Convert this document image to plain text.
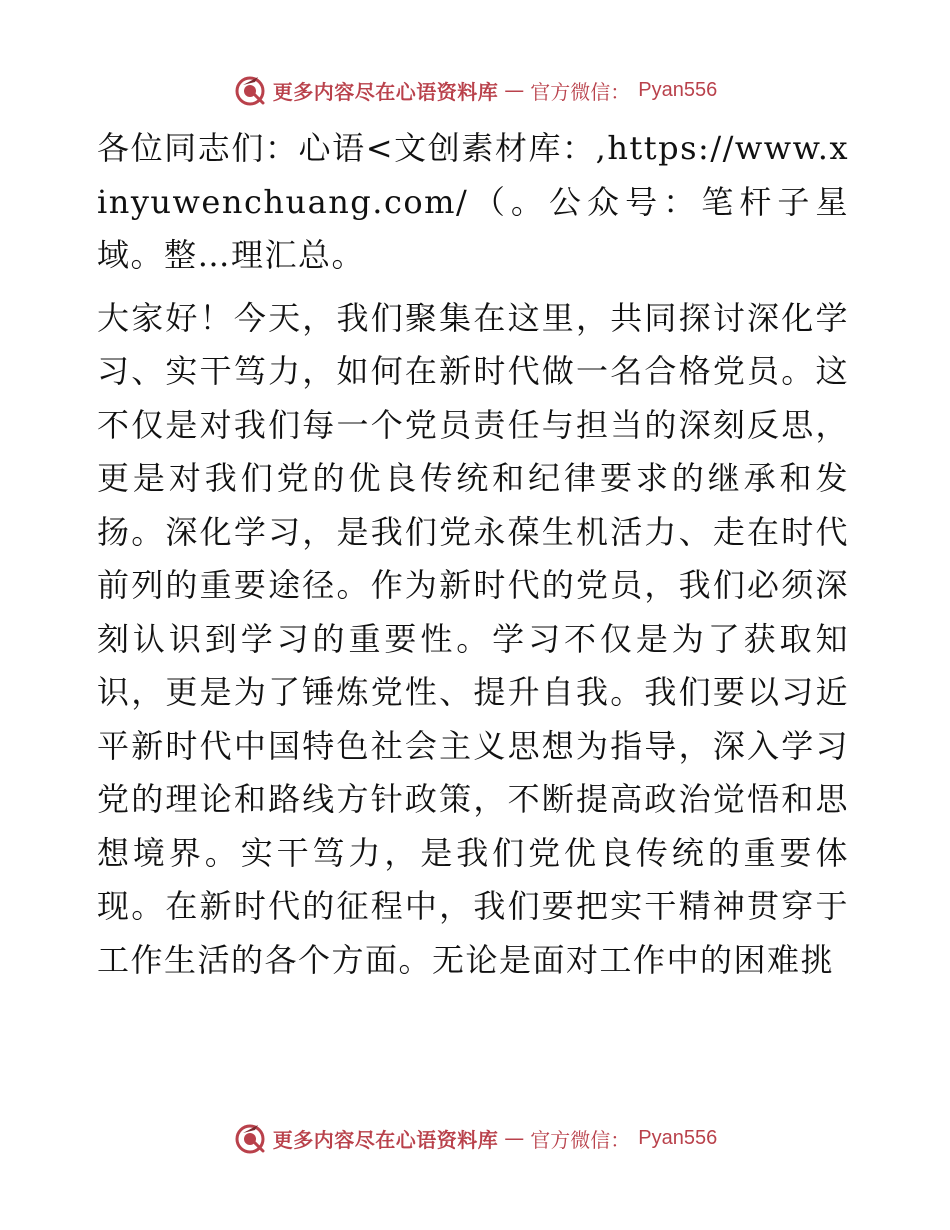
更多内容尽在心语资料库 — 官方微信： Pyan556

各位同志们：心语<文创素材库：,https://www.xinyuwenchuang.com/（。公众号：笔杆子星域。整…理汇总。

大家好！今天，我们聚集在这里，共同探讨深化学习、实干笃力，如何在新时代做一名合格党员。这不仅是对我们每一个党员责任与担当的深刻反思，更是对我们党的优良传统和纪律要求的继承和发扬。深化学习，是我们党永葆生机活力、走在时代前列的重要途径。作为新时代的党员，我们必须深刻认识到学习的重要性。学习不仅是为了获取知识，更是为了锤炼党性、提升自我。我们要以习近平新时代中国特色社会主义思想为指导，深入学习党的理论和路线方针政策，不断提高政治觉悟和思想境界。实干笃力，是我们党优良传统的重要体现。在新时代的征程中，我们要把实干精神贯穿于工作生活的各个方面。无论是面对工作中的困难挑

更多内容尽在心语资料库 — 官方微信： Pyan556
